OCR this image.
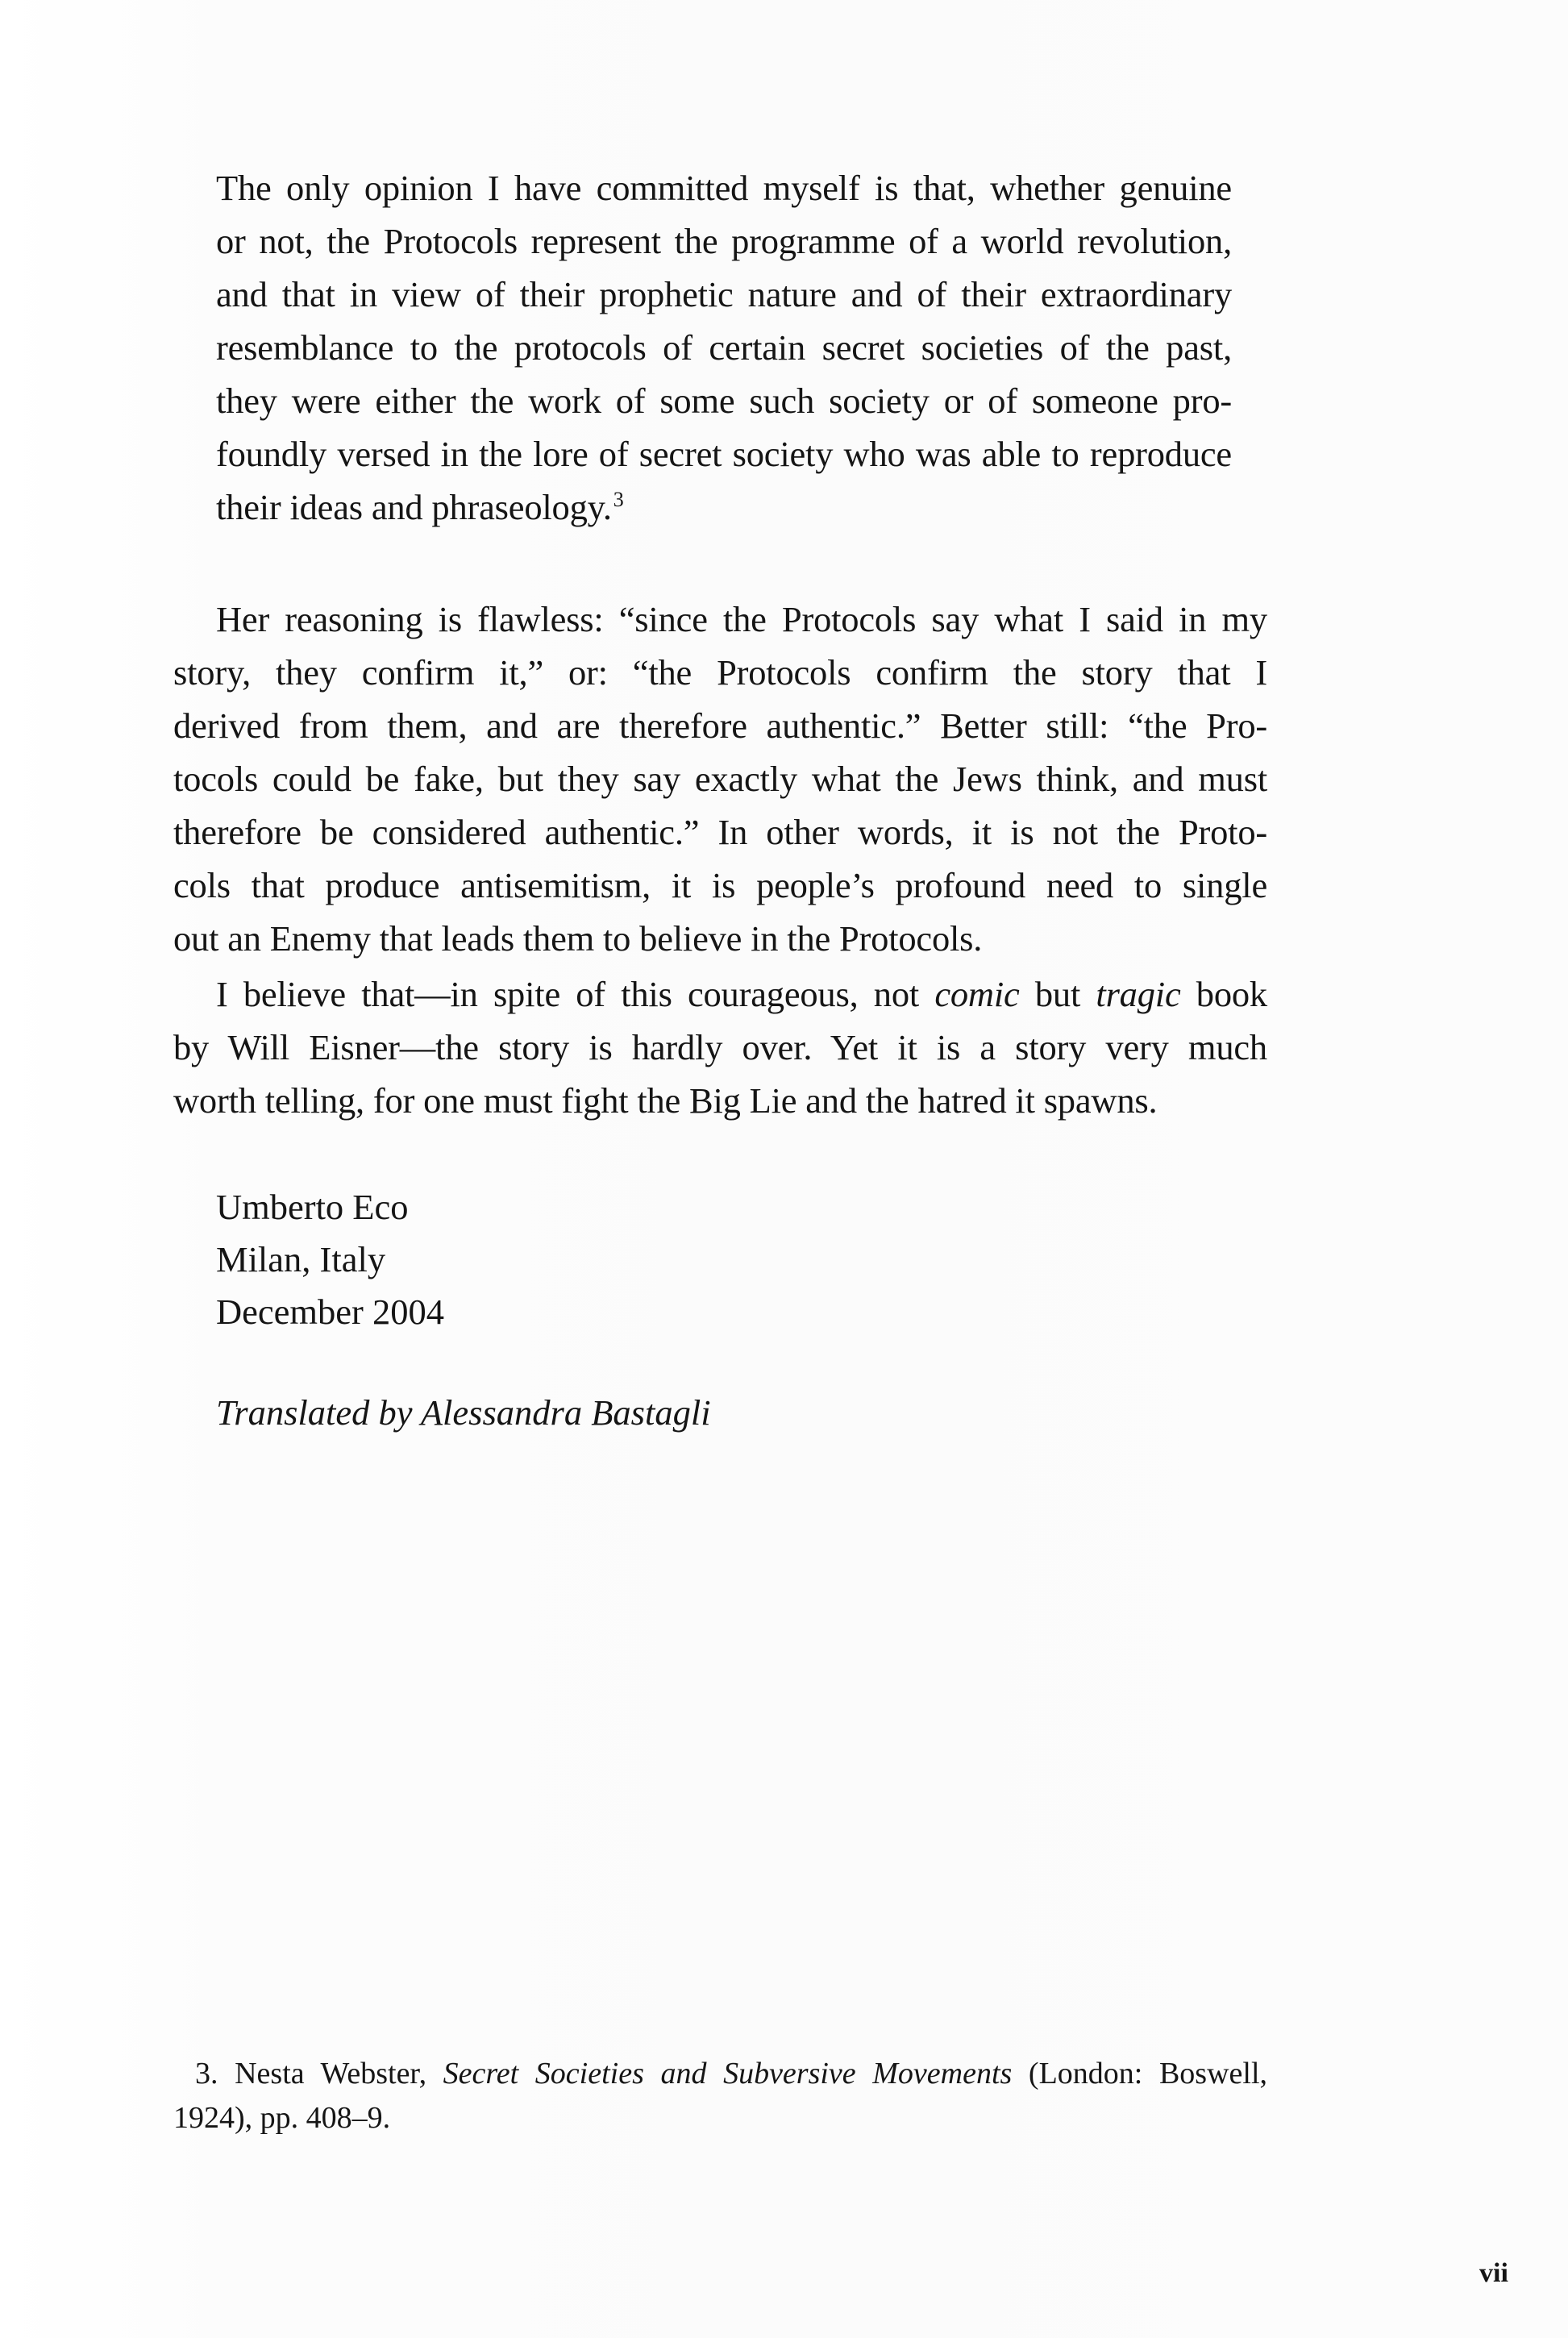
The only opinion I have committed myself is that, whether genuine
or not, the Protocols represent the programme of a world revolution,
and that in view of their prophetic nature and of their extraordinary
resemblance to the protocols of certain secret societies of the past,
they were either the work of some such society or of someone pro-
foundly versed in the lore of secret society who was able to reproduce
their ideas and phraseology.$^3$
Her reasoning is flawless: “since the Protocols say what I said in my
story, they confirm it,” or: “the Protocols confirm the story that I
derived from them, and are therefore authentic.” Better still: “the Pro-
tocols could be fake, but they say exactly what the Jews think, and must
therefore be considered authentic.” In other words, it is not the Proto-
cols that produce antisemitism, it is people’s profound need to single
out an Enemy that leads them to believe in the Protocols.
I believe that—in spite of this courageous, not comic but tragic book
by Will Eisner—the story is hardly over. Yet it is a story very much
worth telling, for one must fight the Big Lie and the hatred it spawns.
Umberto Eco
Milan, Italy
December 2004
Translated by Alessandra Bastagli
3. Nesta Webster, Secret Societies and Subversive Movements (London: Boswell,
1924), pp. 408–9.
vii
